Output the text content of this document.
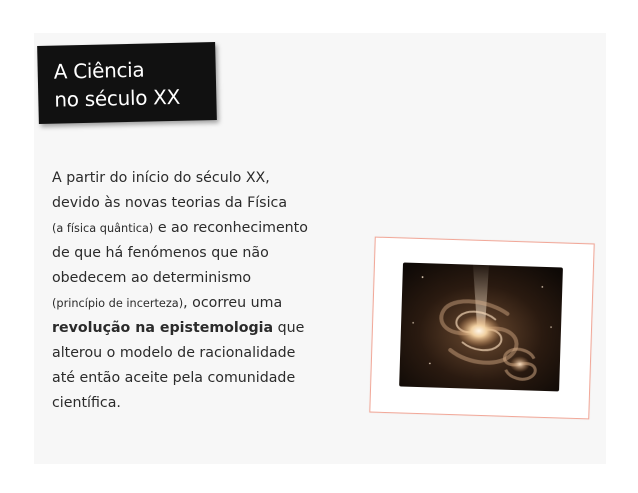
A Ciência
no século XX
A partir do início do século XX,
devido às novas teorias da Física
(a física quântica) e ao reconhecimento
de que há fenómenos que não
obedecem ao determinismo
(princípio de incerteza), ocorreu uma
revolução na epistemologia que
alterou o modelo de racionalidade
até então aceite pela comunidade
científica.
